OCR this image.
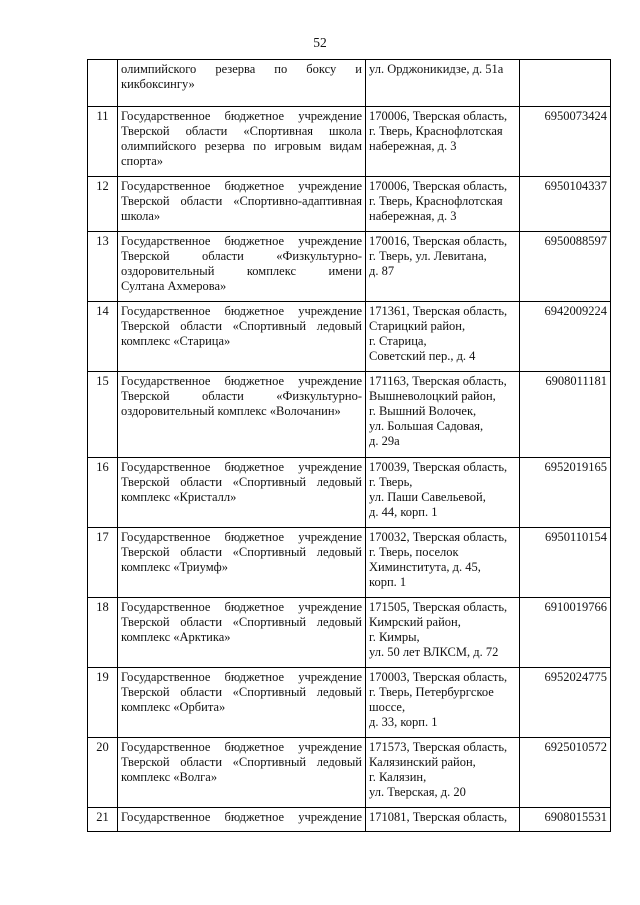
52

	олимпийского резерва по боксу и
кикбоксингу»	ул. Орджоникидзе, д. 51а	

11	Государственное бюджетное учреждение
Тверской области «Спортивная школа
олимпийского резерва по игровым видам
спорта»	170006, Тверская область,
г. Тверь, Краснофлотская
набережная, д. 3	6950073424
12	Государственное бюджетное учреждение
Тверской области «Спортивно-адаптивная
школа»	170006, Тверская область,
г. Тверь, Краснофлотская
набережная, д. 3	6950104337
13	Государственное бюджетное учреждение
Тверской области «Физкультурно-
оздоровительный комплекс имени
Султана Ахмерова»	170016, Тверская область,
г. Тверь, ул. Левитана,
д. 87	6950088597
14	Государственное бюджетное учреждение
Тверской области «Спортивный ледовый
комплекс «Старица»	171361, Тверская область,
Старицкий район,
г. Старица,
Советский пер., д. 4	6942009224
15	Государственное бюджетное учреждение
Тверской области «Физкультурно-
оздоровительный комплекс «Волочанин»	171163, Тверская область,
Вышневолоцкий район,
г. Вышний Волочек,
ул. Большая Садовая,
д. 29а	6908011181
16	Государственное бюджетное учреждение
Тверской области «Спортивный ледовый
комплекс «Кристалл»	170039, Тверская область,
г. Тверь,
ул. Паши Савельевой,
д. 44, корп. 1	6952019165
17	Государственное бюджетное учреждение
Тверской области «Спортивный ледовый
комплекс «Триумф»	170032, Тверская область,
г. Тверь, поселок
Химинститута, д. 45,
корп. 1	6950110154
18	Государственное бюджетное учреждение
Тверской области «Спортивный ледовый
комплекс «Арктика»	171505, Тверская область,
Кимрский район,
г. Кимры,
ул. 50 лет ВЛКСМ, д. 72	6910019766
19	Государственное бюджетное учреждение
Тверской области «Спортивный ледовый
комплекс «Орбита»	170003, Тверская область,
г. Тверь, Петербургское
шоссе,
д. 33, корп. 1	6952024775
20	Государственное бюджетное учреждение
Тверской области «Спортивный ледовый
комплекс «Волга»	171573, Тверская область,
Калязинский район,
г. Калязин,
ул. Тверская, д. 20	6925010572
21	Государственное бюджетное учреждение	171081, Тверская область,	6908015531
